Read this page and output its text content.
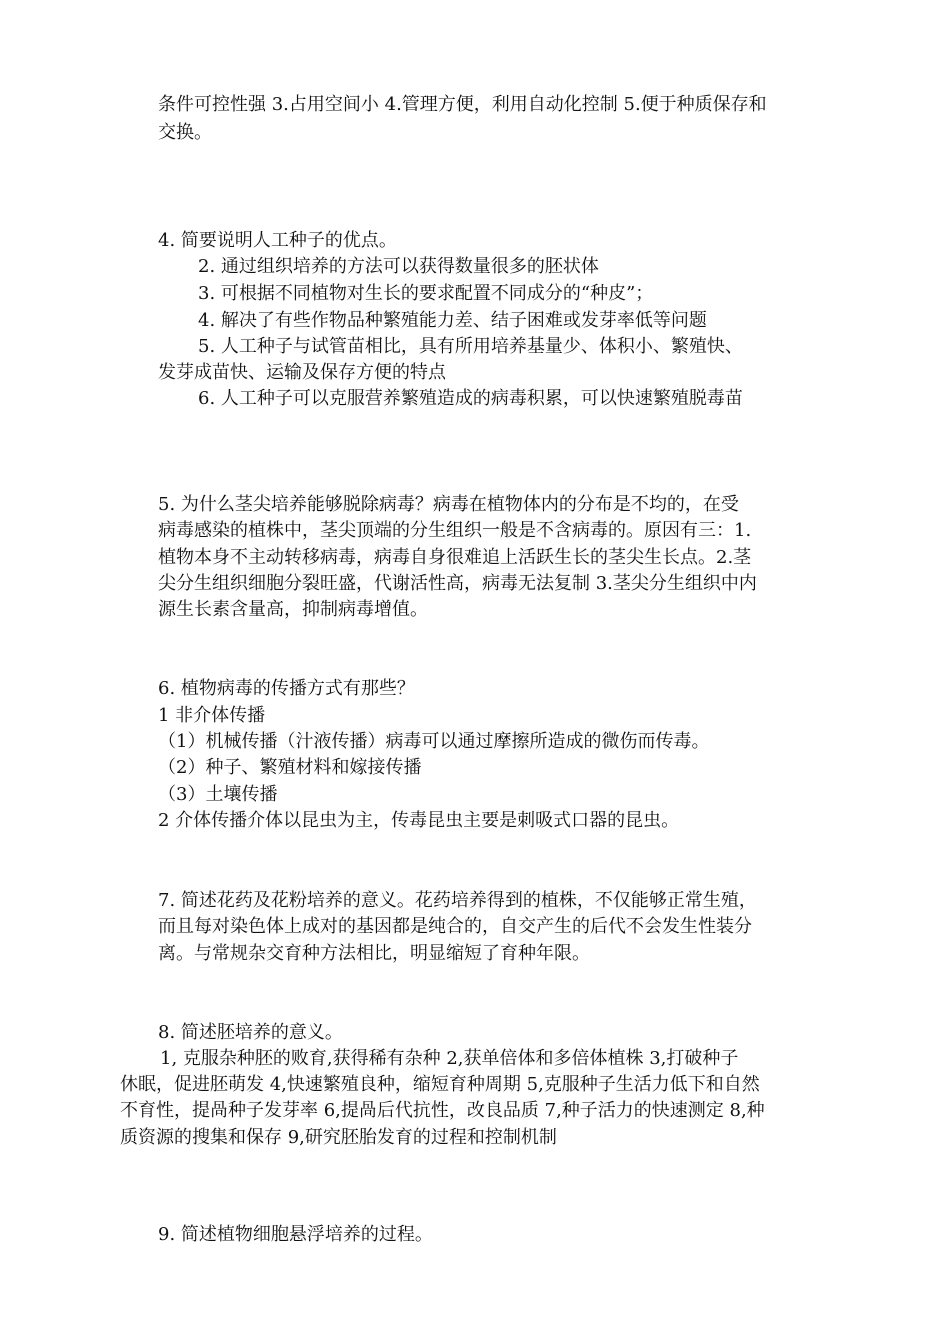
条件可控性强 3.占用空间小 4.管理方便，利用自动化控制 5.便于种质保存和
交换。
4. 简要说明人工种子的优点。
2. 通过组织培养的方法可以获得数量很多的胚状体
3. 可根据不同植物对生长的要求配置不同成分的“种皮”；
4. 解决了有些作物品种繁殖能力差、结子困难或发芽率低等问题
5. 人工种子与试管苗相比，具有所用培养基量少、体积小、繁殖快、
发芽成苗快、运输及保存方便的特点
6. 人工种子可以克服营养繁殖造成的病毒积累，可以快速繁殖脱毒苗
5. 为什么茎尖培养能够脱除病毒？病毒在植物体内的分布是不均的，在受
病毒感染的植株中，茎尖顶端的分生组织一般是不含病毒的。原因有三：1.
植物本身不主动转移病毒，病毒自身很难追上活跃生长的茎尖生长点。2.茎
尖分生组织细胞分裂旺盛，代谢活性高，病毒无法复制 3.茎尖分生组织中内
源生长素含量高，抑制病毒增值。
6. 植物病毒的传播方式有那些？
1 非介体传播
（1）机械传播（汁液传播）病毒可以通过摩擦所造成的微伤而传毒。
（2）种子、繁殖材料和嫁接传播
（3）土壤传播
2 介体传播介体以昆虫为主，传毒昆虫主要是刺吸式口器的昆虫。
7. 简述花药及花粉培养的意义。花药培养得到的植株，不仅能够正常生殖，
而且每对染色体上成对的基因都是纯合的，自交产生的后代不会发生性装分
离。与常规杂交育种方法相比，明显缩短了育种年限。
8. 简述胚培养的意义。
1, 克服杂种胚的败育,获得稀有杂种 2,获单倍体和多倍体植株 3,打破种子
休眠，促进胚萌发 4,快速繁殖良种，缩短育种周期 5,克服种子生活力低下和自然
不育性，提咼种子发芽率 6,提咼后代抗性，改良品质 7,种子活力的快速测定 8,种
质资源的搜集和保存 9,研究胚胎发育的过程和控制机制
9. 简述植物细胞悬浮培养的过程。
